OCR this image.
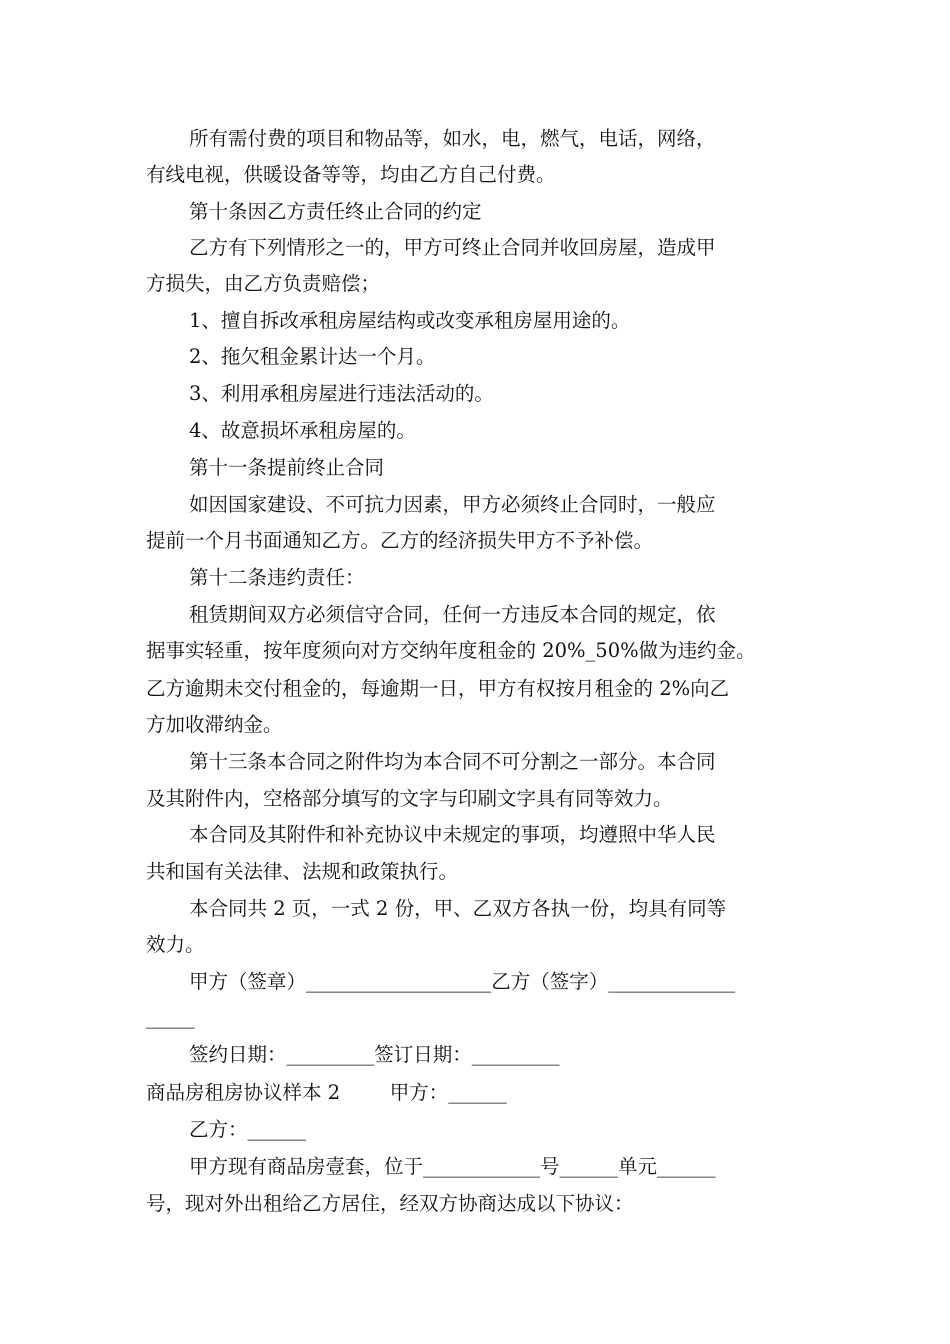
所有需付费的项目和物品等，如水，电，燃气，电话，网络，
有线电视，供暖设备等等，均由乙方自己付费。
第十条因乙方责任终止合同的约定
乙方有下列情形之一的，甲方可终止合同并收回房屋，造成甲
方损失，由乙方负责赔偿；
1、擅自拆改承租房屋结构或改变承租房屋用途的。
2、拖欠租金累计达一个月。
3、利用承租房屋进行违法活动的。
4、故意损坏承租房屋的。
第十一条提前终止合同
如因国家建设、不可抗力因素，甲方必须终止合同时，一般应
提前一个月书面通知乙方。乙方的经济损失甲方不予补偿。
第十二条违约责任：
租赁期间双方必须信守合同，任何一方违反本合同的规定，依
据事实轻重，按年度须向对方交纳年度租金的 20%_50%做为违约金。
乙方逾期未交付租金的，每逾期一日，甲方有权按月租金的 2%向乙
方加收滞纳金。
第十三条本合同之附件均为本合同不可分割之一部分。本合同
及其附件内，空格部分填写的文字与印刷文字具有同等效力。
本合同及其附件和补充协议中未规定的事项，均遵照中华人民
共和国有关法律、法规和政策执行。
本合同共 2 页，一式 2 份，甲、乙双方各执一份，均具有同等
效力。
甲方（签章）___________________乙方（签字）_____________
_____
签约日期：_________签订日期：_________
商品房租房协议样本 2        甲方：______
乙方：______
甲方现有商品房壹套，位于____________号______单元______
号，现对外出租给乙方居住，经双方协商达成以下协议：
